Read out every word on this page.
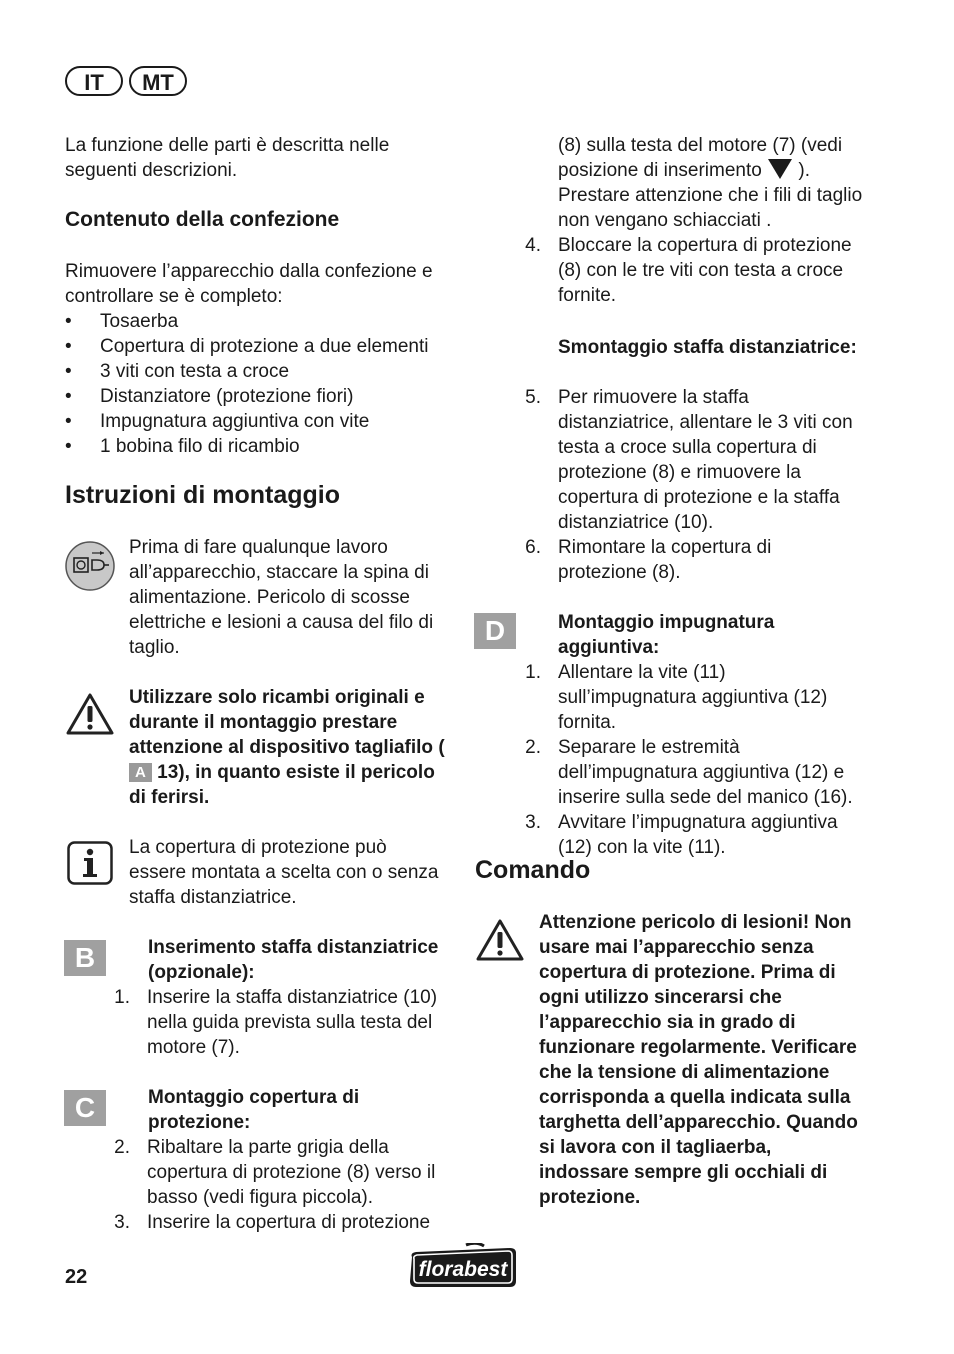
IT	MT

La funzione delle parti è descritta nelle seguenti descrizioni.

Contenuto della confezione

Rimuovere l’apparecchio dalla confezione e controllare se è completo:

• Tosaerba
• Copertura di protezione a due elementi
• 3 viti con testa a croce
• Distanziatore (protezione fiori)
• Impugnatura aggiuntiva con vite
• 1 bobina filo di ricambio

Istruzioni di montaggio

Prima di fare qualunque lavoro all’apparecchio, staccare la spina di alimentazione. Pericolo di scosse elettriche e lesioni a causa del filo di taglio.

Utilizzare solo ricambi originali e durante il montaggio prestare attenzione al dispositivo tagliafilo (A 13), in quanto esiste il pericolo di ferirsi.

La copertura di protezione può essere montata a scelta con o senza staffa distanziatrice.

B	Inserimento staffa distanziatrice (opzionale):

1. Inserire la staffa distanziatrice (10) nella guida prevista sulla testa del motore (7).
C	Montaggio copertura di protezione:

2. Ribaltare la parte grigia della copertura di protezione (8) verso il basso (vedi figura piccola).
3. Inserire la copertura di protezione

(8) sulla testa del motore (7) (vedi posizione di inserimento  ). Prestare attenzione che i fili di taglio non vengano schiacciati .

4. Bloccare la copertura di protezione (8) con le tre viti con testa a croce fornite.

Smontaggio staffa distanziatrice:

5. Per rimuovere la staffa distanziatrice, allentare le 3 viti con testa a croce sulla copertura di protezione (8) e rimuovere la copertura di protezione e la staffa distanziatrice (10).
6. Rimontare la copertura di protezione (8).
D	Montaggio impugnatura aggiuntiva:

1. Allentare la vite (11) sull’impugnatura aggiuntiva (12) fornita.
2. Separare le estremità dell’impugnatura aggiuntiva (12) e inserire sulla sede del manico (16).
3. Avvitare l’impugnatura aggiuntiva (12) con la vite (11).

Comando

Attenzione pericolo di lesioni! Non usare mai l’apparecchio senza copertura di protezione. Prima di ogni utilizzo sincerarsi che l’apparecchio sia in grado di funzionare regolarmente. Verificare che la tensione di alimentazione corrisponda a quella indicata sulla targhetta dell’apparecchio. Quando si lavora con il tagliaerba, indossare sempre gli occhiali di protezione.

22	florabest
